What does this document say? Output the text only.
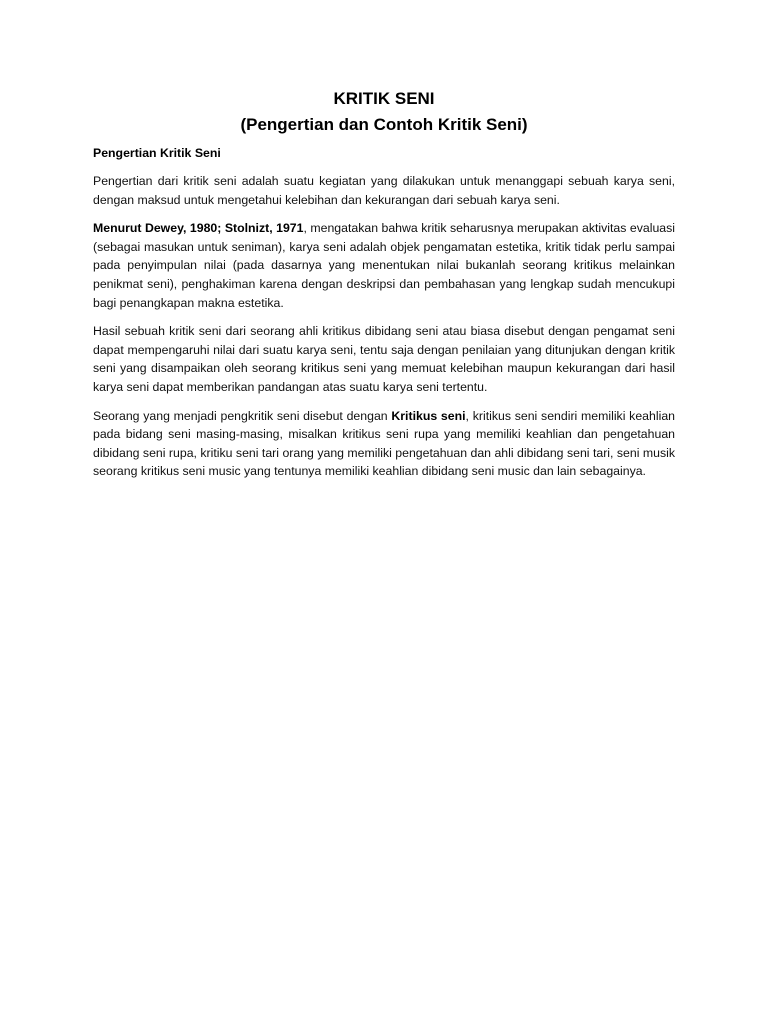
KRITIK SENI
(Pengertian dan Contoh Kritik Seni)

Pengertian Kritik Seni

Pengertian dari kritik seni adalah suatu kegiatan yang dilakukan untuk menanggapi sebuah karya seni, dengan maksud untuk mengetahui kelebihan dan kekurangan dari sebuah karya seni.

Menurut Dewey, 1980; Stolnizt, 1971, mengatakan bahwa kritik seharusnya merupakan aktivitas evaluasi (sebagai masukan untuk seniman), karya seni adalah objek pengamatan estetika, kritik tidak perlu sampai pada penyimpulan nilai (pada dasarnya yang menentukan nilai bukanlah seorang kritikus melainkan penikmat seni), penghakiman karena dengan deskripsi dan pembahasan yang lengkap sudah mencukupi bagi penangkapan makna estetika.

Hasil sebuah kritik seni dari seorang ahli kritikus dibidang seni atau biasa disebut dengan pengamat seni dapat mempengaruhi nilai dari suatu karya seni, tentu saja dengan penilaian yang ditunjukan dengan kritik seni yang disampaikan oleh seorang kritikus seni yang memuat kelebihan maupun kekurangan dari hasil karya seni dapat memberikan pandangan atas suatu karya seni tertentu.

Seorang yang menjadi pengkritik seni disebut dengan Kritikus seni, kritikus seni sendiri memiliki keahlian pada bidang seni masing-masing, misalkan kritikus seni rupa yang memiliki keahlian dan pengetahuan dibidang seni rupa, kritiku seni tari orang yang memiliki pengetahuan dan ahli dibidang seni tari, seni musik seorang kritikus seni music yang tentunya memiliki keahlian dibidang seni music dan lain sebagainya.
